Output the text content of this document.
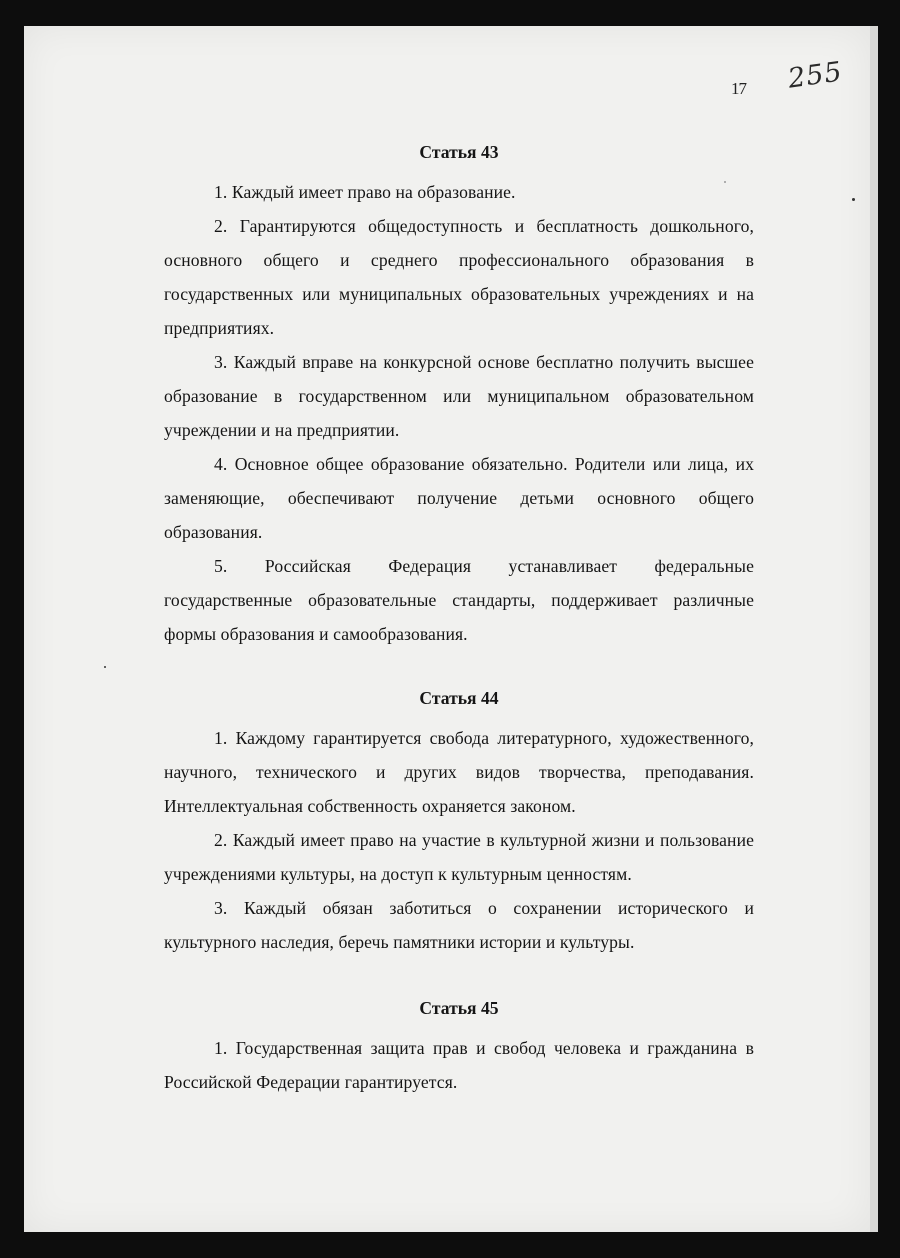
17 255
Статья 43

1. Каждый имеет право на образование.

2. Гарантируются общедоступность и бесплатность дошкольного, основного общего и среднего профессионального образования в государственных или муниципальных образовательных учреждениях и на предприятиях.

3. Каждый вправе на конкурсной основе бесплатно получить высшее образование в государственном или муниципальном образовательном учреждении и на предприятии.

4. Основное общее образование обязательно. Родители или лица, их заменяющие, обеспечивают получение детьми основного общего образования.

5. Российская Федерация устанавливает федеральные государственные образовательные стандарты, поддерживает различные формы образования и самообразования.

Статья 44

1. Каждому гарантируется свобода литературного, художественного, научного, технического и других видов творчества, преподавания. Интеллектуальная собственность охраняется законом.

2. Каждый имеет право на участие в культурной жизни и пользование учреждениями культуры, на доступ к культурным ценностям.

3. Каждый обязан заботиться о сохранении исторического и культурного наследия, беречь памятники истории и культуры.

Статья 45

1. Государственная защита прав и свобод человека и гражданина в Российской Федерации гарантируется.
